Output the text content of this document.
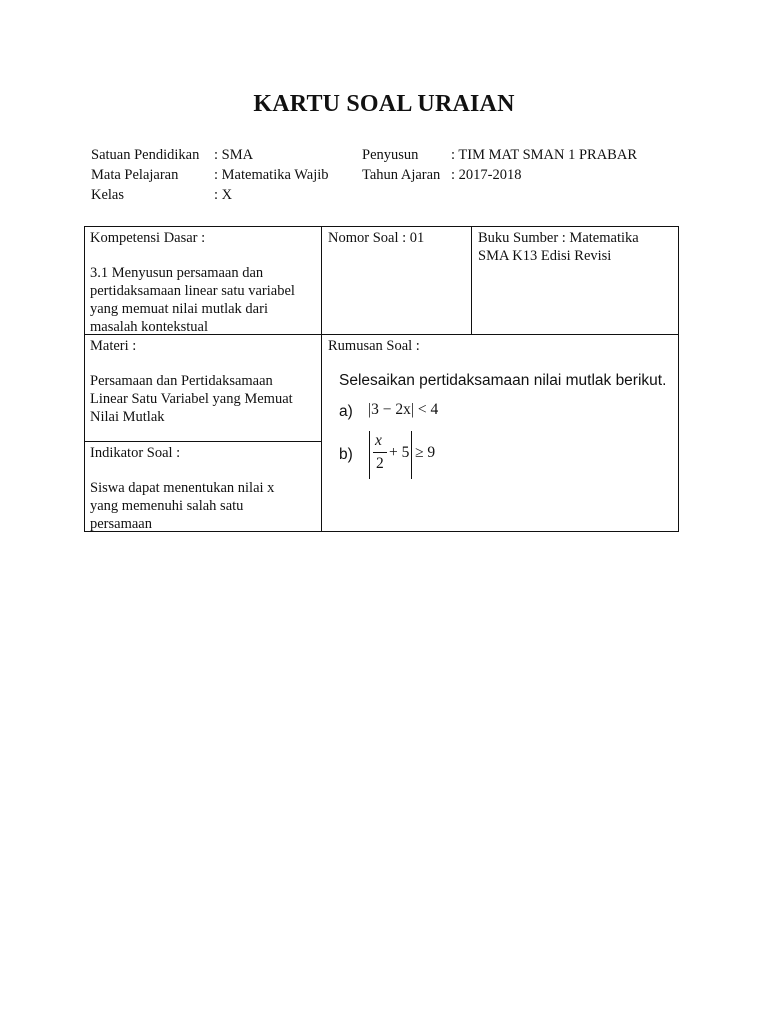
KARTU SOAL URAIAN
Satuan Pendidikan : SMA
Mata Pelajaran : Matematika Wajib
Kelas	: X
Penyusun : TIM MAT SMAN 1 PRABAR
Tahun Ajaran : 2017-2018

Kompetensi Dasar :

3.1 Menyusun persamaan dan

pertidaksamaan linear satu variabel

yang memuat nilai mutlak dari

masalah kontekstual

Nomor Soal : 01	Buku Sumber : Matematika

SMA K13 Edisi Revisi

Materi :

Persamaan dan Pertidaksamaan

Linear Satu Variabel yang Memuat

Nilai Mutlak

Indikator Soal :

Siswa dapat menentukan nilai x

yang memenuhi salah satu

persamaan

Rumusan Soal :

Selesaikan pertidaksamaan nilai mutlak berikut.
a) |3 − 2x| < 4
b)
x
2
+ 5 ≥ 9
